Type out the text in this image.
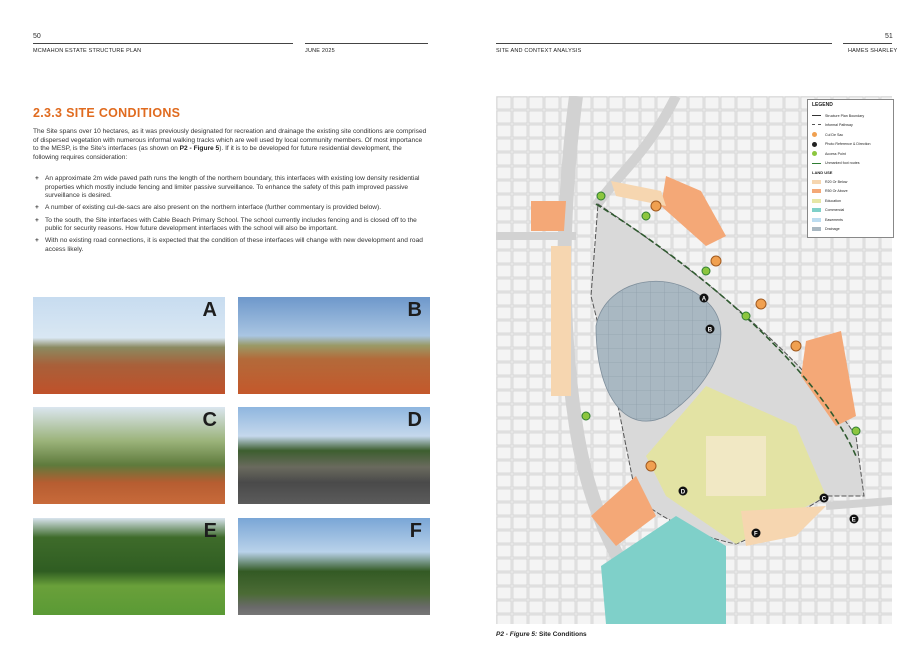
50
MCMAHON ESTATE STRUCTURE PLAN	JUNE 2025
51
SITE AND CONTEXT ANALYSIS	HAMES SHARLEY
2.3.3 SITE CONDITIONS

The Site spans over 10 hectares, as it was previously designated for recreation and drainage the existing site conditions are comprised of dispersed vegetation with numerous informal walking tracks which are well used by local community members. Of most importance to the MESP, is the Site's interfaces (as shown on P2 - Figure 5). If it is to be developed for future residential development, the following requires consideration:

+ An approximate 2m wide paved path runs the length of the northern boundary, this interfaces with existing low density residential properties which mostly include fencing and limiter passive surveillance. To enhance the safety of this path improved passive surveillance is desired.
+ A number of existing cul-de-sacs are also present on the northern interface (further commentary is provided below).
+ To the south, the Site interfaces with Cable Beach Primary School. The school currently includes fencing and is closed off to the public for security reasons. How future development interfaces with the school will also be important.
+ With no existing road connections, it is expected that the condition of these interfaces will change with new development and road access likely.
A	B
C	D
E	F
A
B
C
D
E
F
LEGEND
Structure Plan Boundary
Informal Pathway
Cul De Sac
Photo Reference & Direction
Access Point
Unmarked foot routes
LAND USE
R20 Or Below
R50 Or Above
Education
Commercial
Easements
Drainage
P2 - Figure 5: Site Conditions
